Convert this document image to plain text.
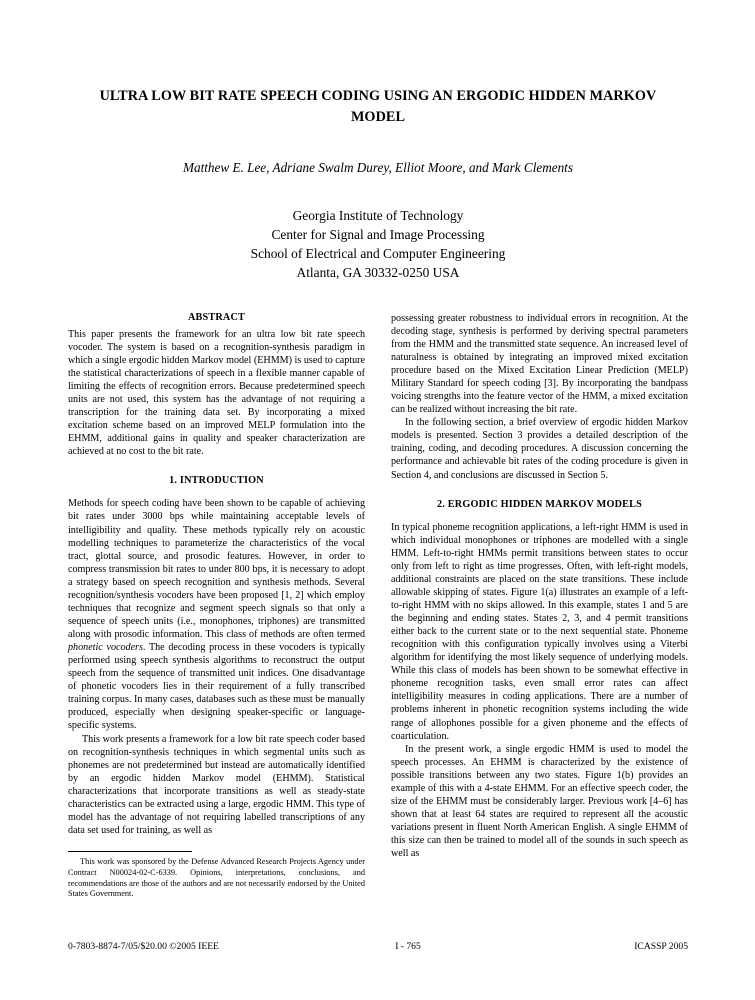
ULTRA LOW BIT RATE SPEECH CODING USING AN ERGODIC HIDDEN MARKOV MODEL
Matthew E. Lee, Adriane Swalm Durey, Elliot Moore, and Mark Clements
Georgia Institute of Technology
Center for Signal and Image Processing
School of Electrical and Computer Engineering
Atlanta, GA 30332-0250 USA
ABSTRACT

This paper presents the framework for an ultra low bit rate speech vocoder. The system is based on a recognition-synthesis paradigm in which a single ergodic hidden Markov model (EHMM) is used to capture the statistical characterizations of speech in a flexible manner capable of limiting the effects of recognition errors. Because predetermined speech units are not used, this system has the advantage of not requiring a transcription for the training data set. By incorporating a mixed excitation scheme based on an improved MELP formulation into the EHMM, additional gains in quality and speaker characterization are achieved at no cost to the bit rate.

1. INTRODUCTION

Methods for speech coding have been shown to be capable of achieving bit rates under 3000 bps while maintaining acceptable levels of intelligibility and quality. These methods typically rely on acoustic modelling techniques to parameterize the characteristics of the vocal tract, glottal source, and prosodic features. However, in order to compress transmission bit rates to under 800 bps, it is necessary to adopt a strategy based on speech recognition and synthesis methods. Several recognition/synthesis vocoders have been proposed [1, 2] which employ techniques that recognize and segment speech signals so that only a sequence of speech units (i.e., monophones, triphones) are transmitted along with prosodic information. This class of methods are often termed phonetic vocoders. The decoding process in these vocoders is typically performed using speech synthesis algorithms to reconstruct the output speech from the sequence of transmitted unit indices. One disadvantage of phonetic vocoders lies in their requirement of a fully transcribed training corpus. In many cases, databases such as these must be manually produced, especially when designing speaker-specific or language-specific systems.

This work presents a framework for a low bit rate speech coder based on recognition-synthesis techniques in which segmental units such as phonemes are not predetermined but instead are automatically identified by an ergodic hidden Markov model (EHMM). Statistical characterizations that incorporate transitions as well as steady-state characteristics can be extracted using a large, ergodic HMM. This type of model has the advantage of not requiring labelled transcriptions of any data set used for training, as well as

This work was sponsored by the Defense Advanced Research Projects Agency under Contract N00024-02-C-6339. Opinions, interpretations, conclusions, and recommendations are those of the authors and are not necessarily endorsed by the United States Government.

possessing greater robustness to individual errors in recognition. At the decoding stage, synthesis is performed by deriving spectral parameters from the HMM and the transmitted state sequence. An increased level of naturalness is obtained by integrating an improved mixed excitation procedure based on the Mixed Excitation Linear Prediction (MELP) Military Standard for speech coding [3]. By incorporating the bandpass voicing strengths into the feature vector of the HMM, a mixed excitation can be realized without increasing the bit rate.

In the following section, a brief overview of ergodic hidden Markov models is presented. Section 3 provides a detailed description of the training, coding, and decoding procedures. A discussion concerning the performance and achievable bit rates of the coding procedure is given in Section 4, and conclusions are discussed in Section 5.

2. ERGODIC HIDDEN MARKOV MODELS

In typical phoneme recognition applications, a left-right HMM is used in which individual monophones or triphones are modelled with a single HMM. Left-to-right HMMs permit transitions between states to occur only from left to right as time progresses. Often, with left-right models, additional constraints are placed on the state transitions. These include allowable skipping of states. Figure 1(a) illustrates an example of a left-to-right HMM with no skips allowed. In this example, states 1 and 5 are the beginning and ending states. States 2, 3, and 4 permit transitions either back to the current state or to the next sequential state. Phoneme recognition with this configuration typically involves using a Viterbi algorithm for identifying the most likely sequence of underlying models. While this class of models has been shown to be somewhat effective in phoneme recognition tasks, even small error rates can affect intelligibility measures in coding applications. There are a number of problems inherent in phonetic recognition systems including the wide range of allophones possible for a given phoneme and the effects of coarticulation.

In the present work, a single ergodic HMM is used to model the speech processes. An EHMM is characterized by the existence of possible transitions between any two states. Figure 1(b) provides an example of this with a 4-state EHMM. For an effective speech coder, the size of the EHMM must be considerably larger. Previous work [4–6] has shown that at least 64 states are required to represent all the acoustic variations present in fluent North American English. A single EHMM of this size can then be trained to model all of the sounds in such speech as well as

0-7803-8874-7/05/$20.00 ©2005 IEEE	I - 765	ICASSP 2005
